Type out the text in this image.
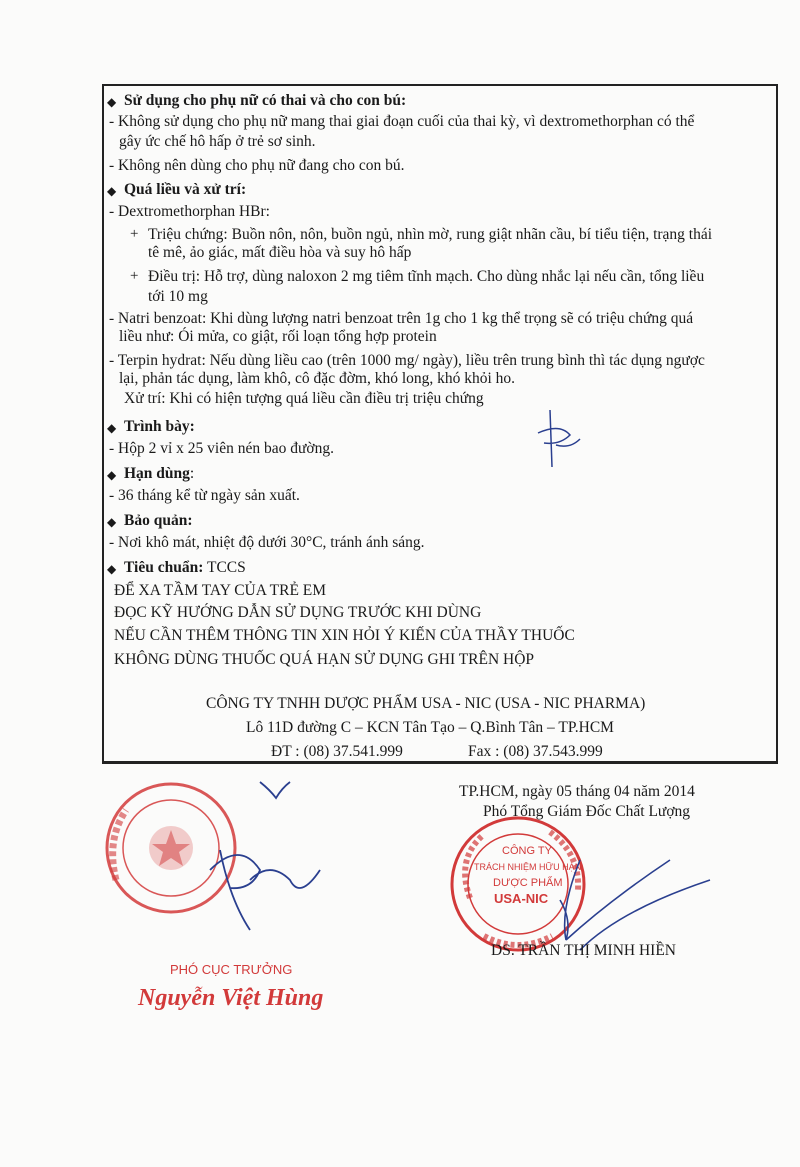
◆ Sử dụng cho phụ nữ có thai và cho con bú:
- Không sử dụng cho phụ nữ mang thai giai đoạn cuối của thai kỳ, vì dextromethorphan có thể
gây ức chế hô hấp ở trẻ sơ sinh.
- Không nên dùng cho phụ nữ đang cho con bú.
◆ Quá liều và xử trí:
- Dextromethorphan HBr:
+ Triệu chứng: Buồn nôn, nôn, buồn ngủ, nhìn mờ, rung giật nhãn cầu, bí tiểu tiện, trạng thái
tê mê, ảo giác, mất điều hòa và suy hô hấp
+ Điều trị: Hỗ trợ, dùng naloxon 2 mg tiêm tĩnh mạch. Cho dùng nhắc lại nếu cần, tổng liều
tới 10 mg
- Natri benzoat: Khi dùng lượng natri benzoat trên 1g cho 1 kg thể trọng sẽ có triệu chứng quá
liều như: Ói mửa, co giật, rối loạn tổng hợp protein
- Terpin hydrat: Nếu dùng liều cao (trên 1000 mg/ ngày), liều trên trung bình thì tác dụng ngược
lại, phản tác dụng, làm khô, cô đặc đờm, khó long, khó khỏi ho.
Xử trí: Khi có hiện tượng quá liều cần điều trị triệu chứng
◆ Trình bày:
- Hộp 2 vỉ x 25 viên nén bao đường.
◆ Hạn dùng:
- 36 tháng kể từ ngày sản xuất.
◆ Bảo quản:
- Nơi khô mát, nhiệt độ dưới 30°C, tránh ánh sáng.
◆ Tiêu chuẩn: TCCS
ĐỂ XA TẦM TAY CỦA TRẺ EM
ĐỌC KỸ HƯỚNG DẪN SỬ DỤNG TRƯỚC KHI DÙNG
NẾU CẦN THÊM THÔNG TIN XIN HỎI Ý KIẾN CỦA THẦY THUỐC
KHÔNG DÙNG THUỐC QUÁ HẠN SỬ DỤNG GHI TRÊN HỘP
CÔNG TY TNHH DƯỢC PHẨM USA - NIC (USA - NIC PHARMA)
Lô 11D đường C – KCN Tân Tạo – Q.Bình Tân – TP.HCM
ĐT : (08) 37.541.999	Fax : (08) 37.543.999
TP.HCM, ngày 05 tháng 04 năm 2014
Phó Tổng Giám Đốc Chất Lượng
CÔNG TY
TRÁCH NHIỆM HỮU HẠN
DƯỢC PHẨM
USA-NIC
DS. TRẦN THỊ MINH HIỀN
PHÓ CỤC TRƯỞNG
Nguyễn Việt Hùng
